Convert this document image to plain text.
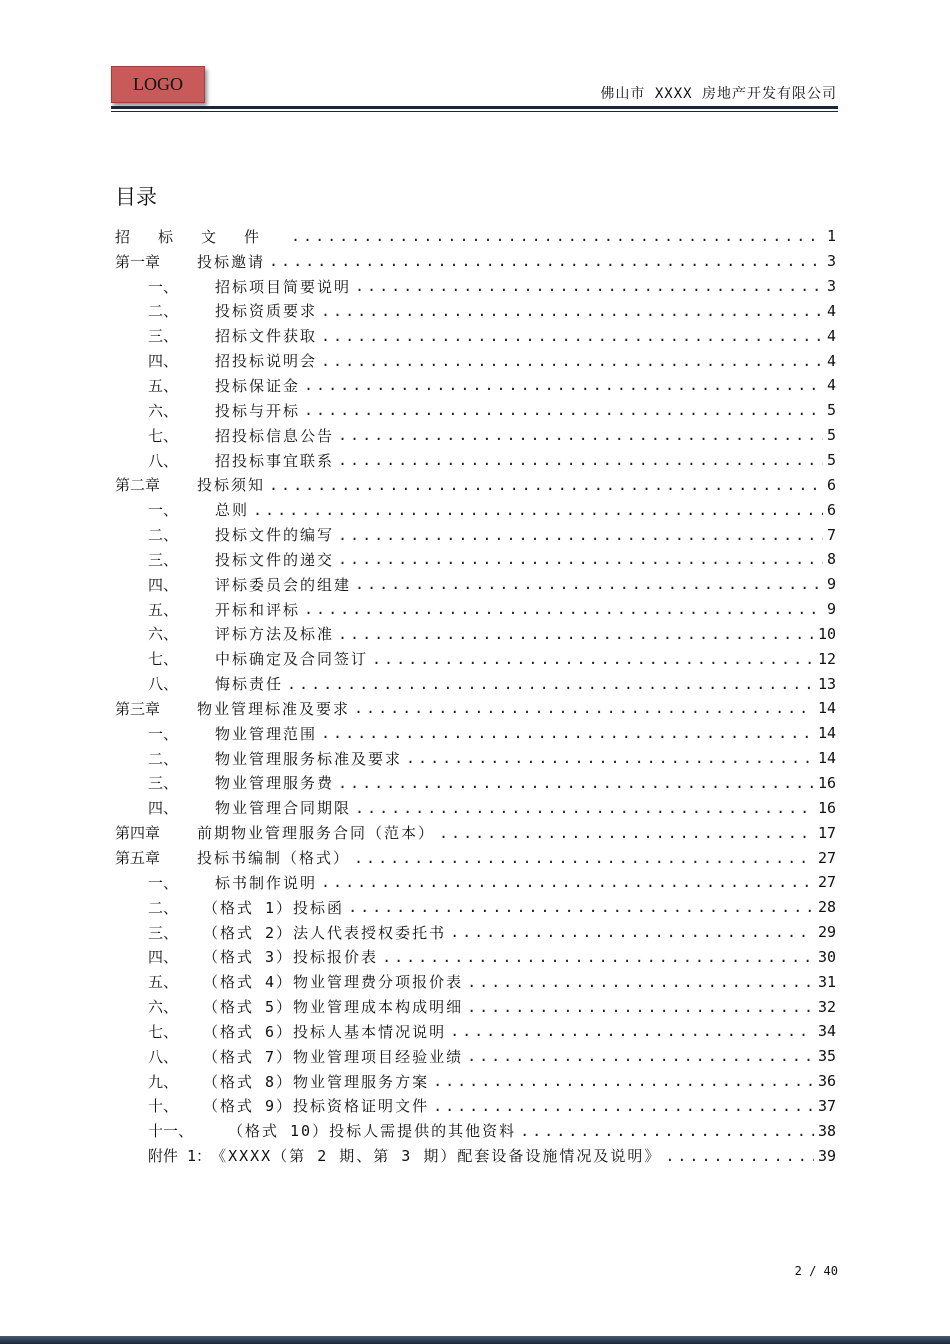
LOGO	佛山市 XXXX 房地产开发有限公司
目录
招标文件 .....	1
第一章	投标邀请 .....	3
一、	招标项目简要说明 .....	3
二、	投标资质要求 .....	4
三、	招标文件获取 .....	4
四、	招投标说明会 .....	4
五、	投标保证金 .....	4
六、	投标与开标 .....	5
七、	招投标信息公告 .....	5
八、	招投标事宜联系 .....	5
第二章	投标须知 .....	6
一、	总则 .....	6
二、	投标文件的编写 .....	7
三、	投标文件的递交 .....	8
四、	评标委员会的组建 .....	9
五、	开标和评标 .....	9
六、	评标方法及标准 .....	10
七、	中标确定及合同签订 .....	12
八、	悔标责任 .....	13
第三章	物业管理标准及要求 .....	14
一、	物业管理范围 .....	14
二、	物业管理服务标准及要求 .....	14
三、	物业管理服务费 .....	16
四、	物业管理合同期限 .....	16
第四章	前期物业管理服务合同（范本） .....	17
第五章	投标书编制（格式） .....	27
一、	标书制作说明 .....	27
二、	（格式 1）投标函 .....	28
三、	（格式 2）法人代表授权委托书 .....	29
四、	（格式 3）投标报价表 .....	30
五、	（格式 4）物业管理费分项报价表 .....	31
六、	（格式 5）物业管理成本构成明细 .....	32
七、	（格式 6）投标人基本情况说明 .....	34
八、	（格式 7）物业管理项目经验业绩 .....	35
九、	（格式 8）物业管理服务方案 .....	36
十、	（格式 9）投标资格证明文件 .....	37
十一、	（格式 10）投标人需提供的其他资料 .....	38
附件 1： 《XXXX（第 2 期、第 3 期）配套设备设施情况及说明》 .....	39
2 / 40
